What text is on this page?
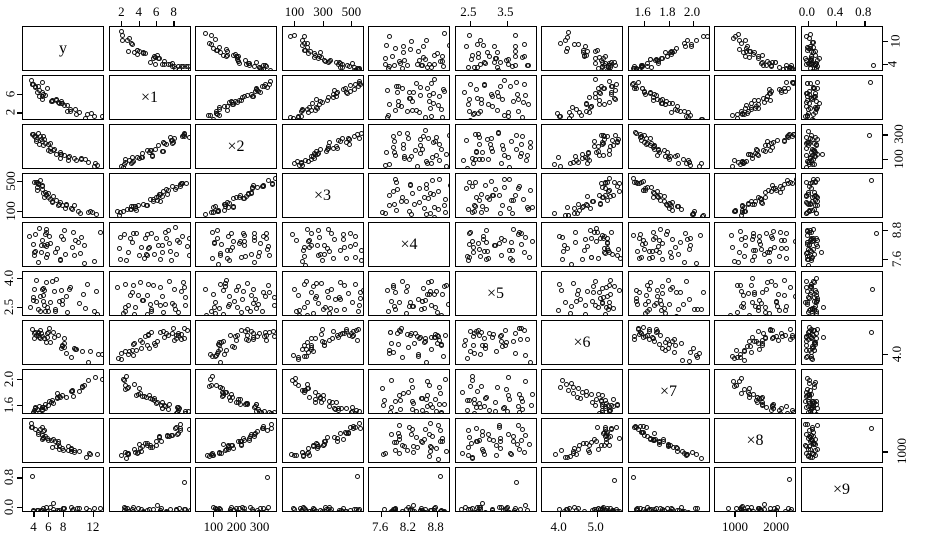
y
×1
×2
×3
×4
×5
×6
×7
×8
×9
2 4 6 8	100 300 500	2.5 3.5	1.6 1.8 2.0	0.0 0.4 0.8
4 6 8 12	100 200 300	7.6 8.2 8.8	4.0 5.0	1000 2000
2
6
100
500
2.5
4.0
1.6
2.0
0.0
0.8
4
10
100
300
7.6
8.8
4.0
1000
